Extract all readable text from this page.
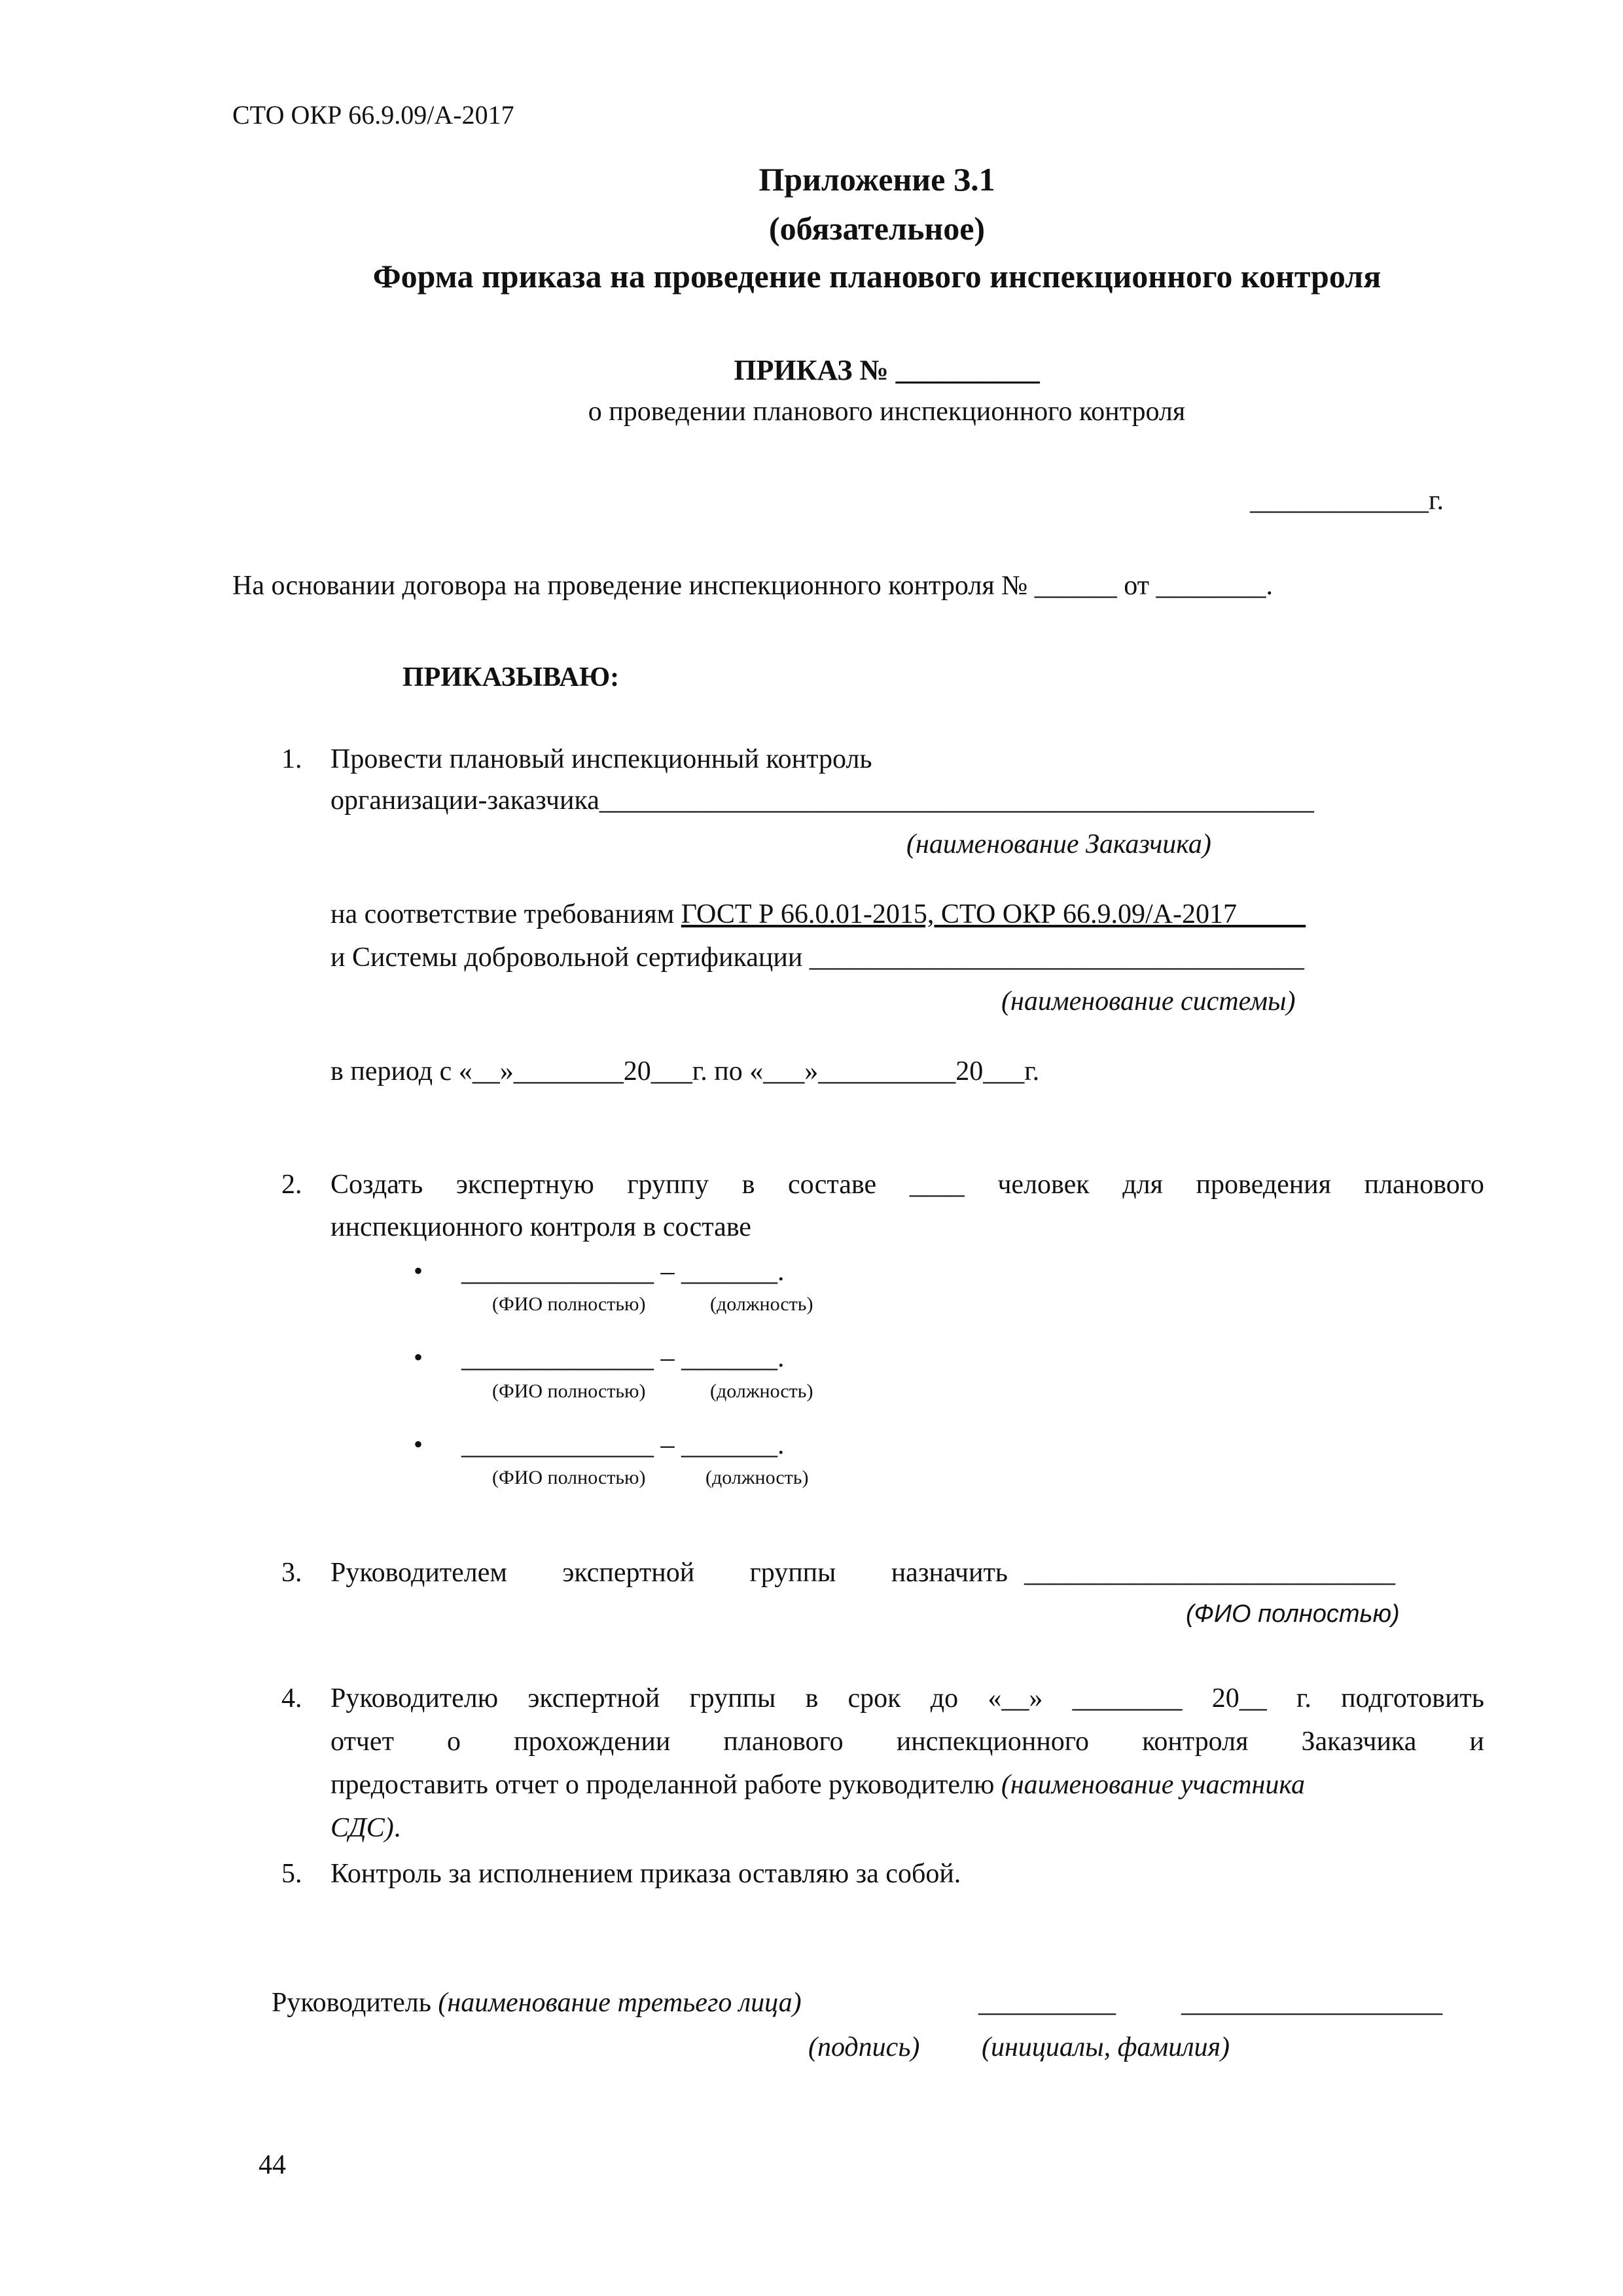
СТО ОКР 66.9.09/А-2017
Приложение З.1
(обязательное)
Форма приказа на проведение планового инспекционного контроля
ПРИКАЗ № __________
о проведении планового инспекционного контроля
_____________г.
На основании договора на проведение инспекционного контроля № ______ от ________.
ПРИКАЗЫВАЮ:
1. Провести плановый инспекционный контроль
организации-заказчика____________________________________________________
(наименование Заказчика)
на соответствие требованиям ГОСТ Р 66.0.01-2015, СТО ОКР 66.9.09/А-2017_____
и Системы добровольной сертификации ____________________________________
(наименование системы)
в период с «__»________20___г. по «___»__________20___г.
2. Создать экспертную группу в составе ____ человек для проведения планового
инспекционного контроля в составе
• ______________ – _______.
(ФИО полностью)	(должность)
• ______________ – _______.
(ФИО полностью)	(должность)
• ______________ – _______.
(ФИО полностью)	(должность)
3. Руководителем экспертной группы назначить ___________________________
(ФИО полностью)
4. Руководителю экспертной группы в срок до «__» ________ 20__ г. подготовить
отчет о прохождении планового инспекционного контроля Заказчика и
предоставить отчет о проделанной работе руководителю (наименование участника
СДС).
5. Контроль за исполнением приказа оставляю за собой.
Руководитель (наименование третьего лица)	__________ ___________________
(подпись) (инициалы, фамилия)
44
